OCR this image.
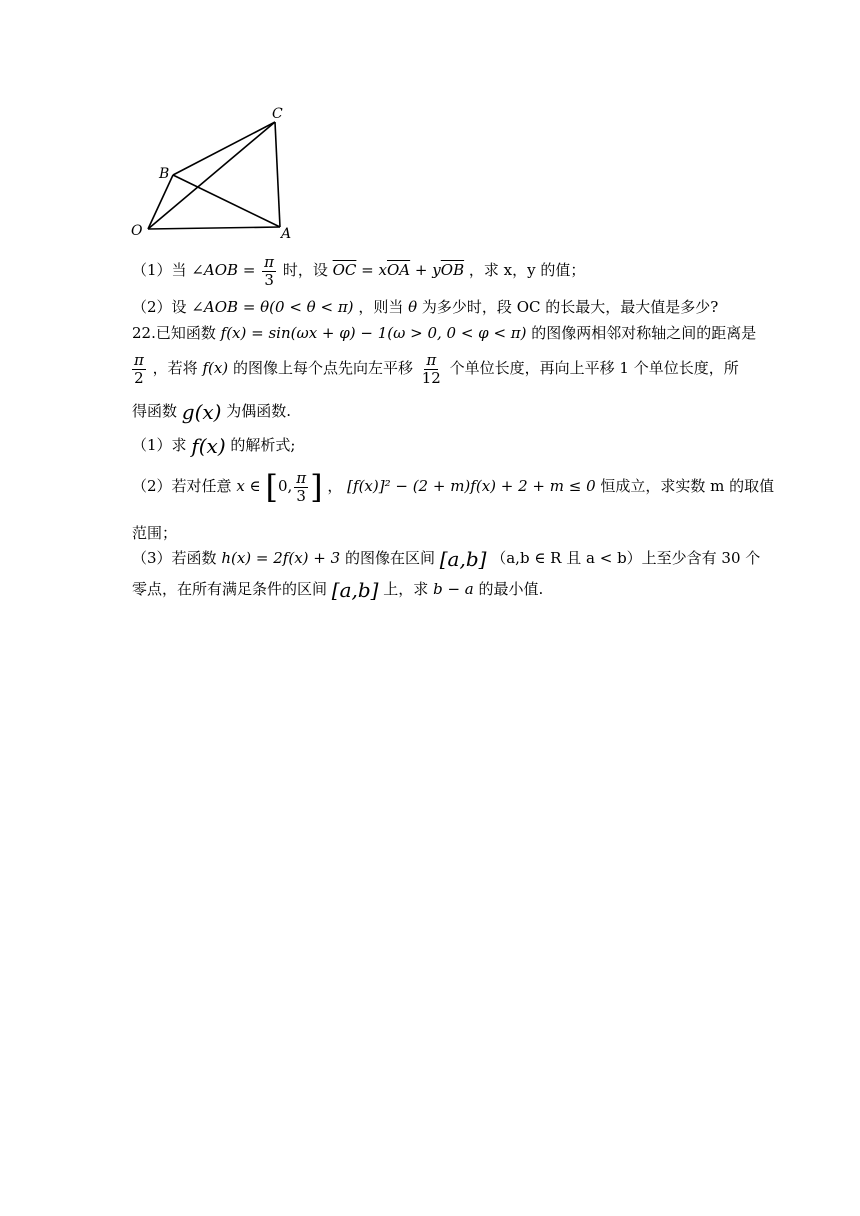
C
B
O	A
（1）当 ∠AOB = $\frac{\pi}{3}$ 时，设 $\overline{OC} = x\overline{OA} + y\overline{OB}$ ，求 x，y 的值；
（2）设 ∠AOB = θ(0 < θ < π) ，则当 θ 为多少时，段 OC 的长最大，最大值是多少?
22.已知函数 f(x) = sin(ωx + φ) − 1(ω > 0, 0 < φ < π) 的图像两相邻对称轴之间的距离是
$\frac{\pi}{2}$ ，若将 f(x) 的图像上每个点先向左平移 $\frac{\pi}{12}$ 个单位长度，再向上平移 1 个单位长度，所
得函数 g(x) 为偶函数.
（1）求 f(x) 的解析式;
（2）若对任意 x ∈ [0, $\frac{\pi}{3}$ ] ， [f(x)]² − (2 + m)f(x) + 2 + m ≤ 0 恒成立，求实数 m 的取值
范围；
（3）若函数 h(x) = 2f(x) + 3 的图像在区间 [a,b] （a,b ∈ R 且 a < b）上至少含有 30 个
零点，在所有满足条件的区间 [a,b] 上，求 b − a 的最小值.
